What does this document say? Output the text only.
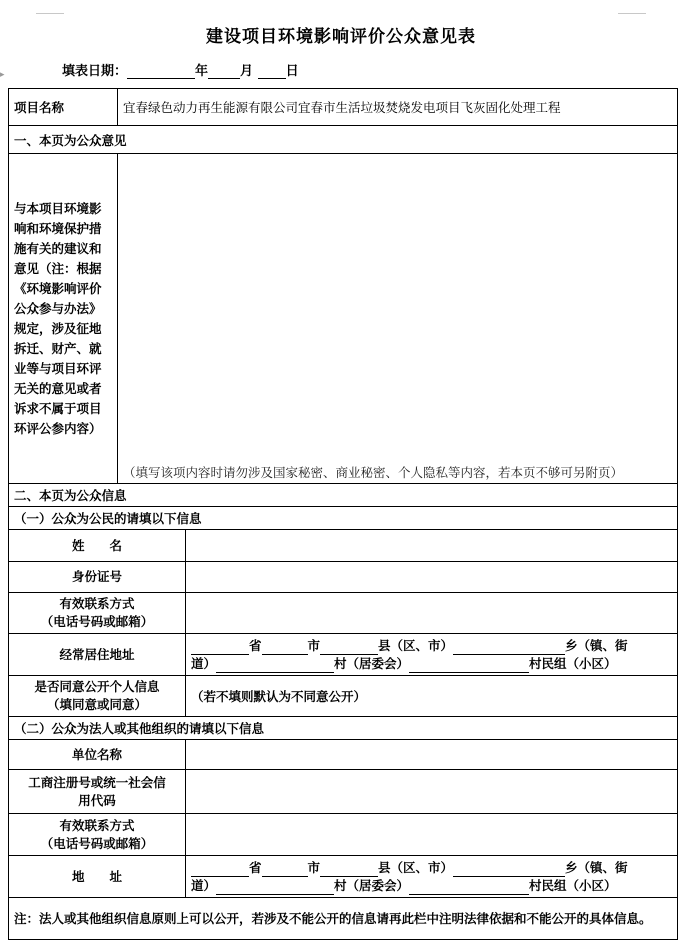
▸
建设项目环境影响评价公众意见表
填表日期：	年 月	日
项目名称	宜春绿色动力再生能源有限公司宜春市生活垃圾焚烧发电项目飞灰固化处理工程	
一、本页为公众意见		
与本项目环境影响和环境保护措施有关的建议和意见（注：根据《环境影响评价公众参与办法》规定，涉及征地拆迁、财产、就业等与项目环评无关的意见或者诉求不属于项目环评公参内容）	（填写该项内容时请勿涉及国家秘密、商业秘密、个人隐私等内容，若本页不够可另附页）	
二、本页为公众信息		
（一）公众为公民的请填以下信息		
姓　　名		
身份证号		

有效联系方式
（电话号码或邮箱）		

经常居住地址		省 市 县（区、市） 乡（镇、街
道） 村（居委会） 村民组（小区）

是否同意公开个人信息
（填同意或同意）		（若不填则默认为不同意公开）
（二）公众为法人或其他组织的请填以下信息		
单位名称		

工商注册号或统一社会信
用代码		

有效联系方式
（电话号码或邮箱）		

地　　址		省 市 县（区、市） 乡（镇、街
道） 村（居委会） 村民组（小区）

注：法人或其他组织信息原则上可以公开，若涉及不能公开的信息请再此栏中注明法律依据和不能公开的具体信息。		
